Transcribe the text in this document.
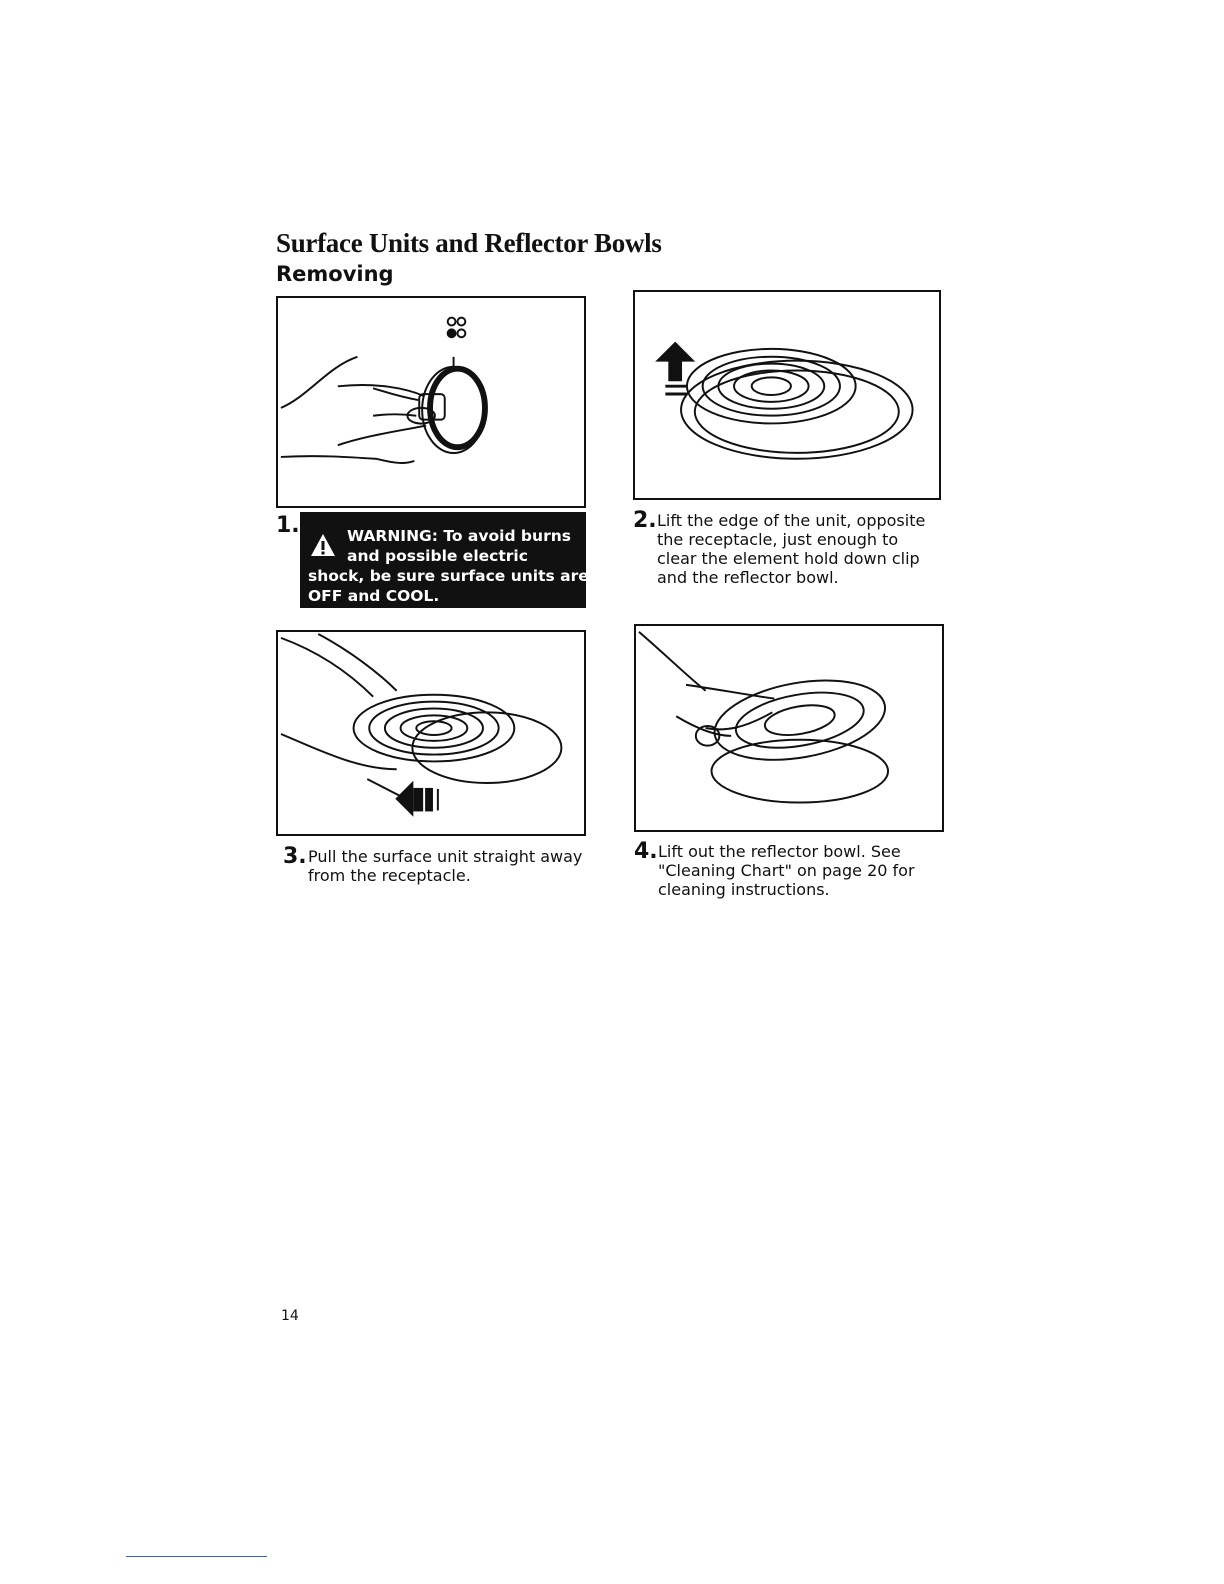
Surface Units and Reflector Bowls
Removing
1.	WARNING: To avoid burns
and possible electric
shock, be sure surface units are
OFF and COOL.
2. Lift the edge of the unit, opposite
the receptacle, just enough to
clear the element hold down clip
and the reflector bowl.
3. Pull the surface unit straight away
from the receptacle.
4. Lift out the reflector bowl. See
"Cleaning Chart" on page 20 for
cleaning instructions.
14
